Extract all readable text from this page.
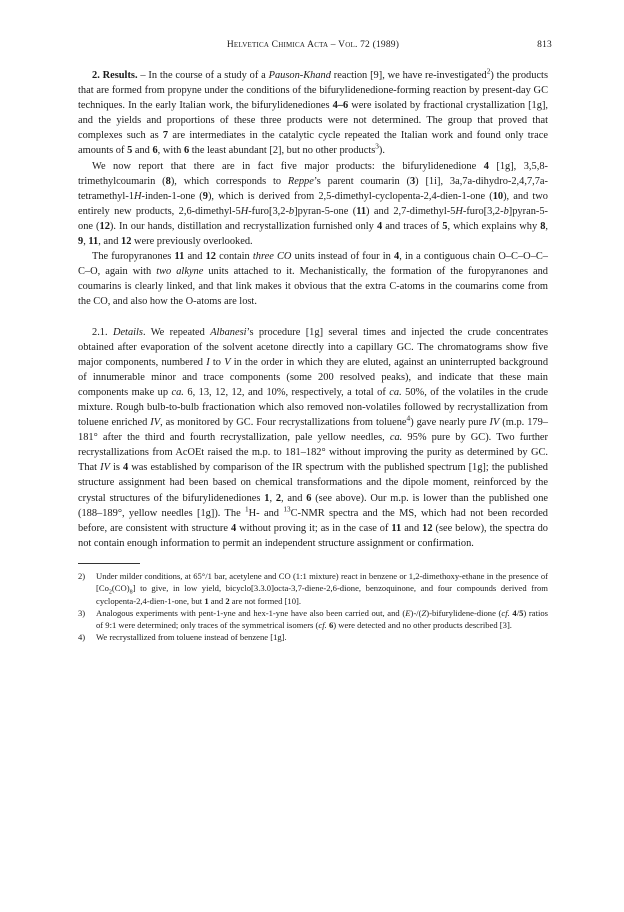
Helvetica Chimica Acta – Vol. 72 (1989)	813

2. Results. – In the course of a study of a Pauson-Khand reaction [9], we have re-investigated$^2$) the products that are formed from propyne under the conditions of the bifurylidenedione-forming reaction by present-day GC techniques. In the early Italian work, the bifurylidenediones 4–6 were isolated by fractional crystallization [1g], and the yields and proportions of these three products were not determined. The group that proved that complexes such as 7 are intermediates in the catalytic cycle repeated the Italian work and found only trace amounts of 5 and 6, with 6 the least abundant [2], but no other products$^3$).

We now report that there are in fact five major products: the bifurylidenedione 4 [1g], 3,5,8-trimethylcoumarin (8), which corresponds to Reppe’s parent coumarin (3) [1i], 3a,7a-dihydro-2,4,7,7a-tetramethyl-1H-inden-1-one (9), which is derived from 2,5-dimethyl-cyclopenta-2,4-dien-1-one (10), and two entirely new products, 2,6-dimethyl-5H-furo[3,2-b]pyran-5-one (11) and 2,7-dimethyl-5H-furo[3,2-b]pyran-5-one (12). In our hands, distillation and recrystallization furnished only 4 and traces of 5, which explains why 8, 9, 11, and 12 were previously overlooked.

The furopyranones 11 and 12 contain three CO units instead of four in 4, in a contiguous chain O–C–O–C–C–O, again with two alkyne units attached to it. Mechanistically, the formation of the furopyranones and coumarins is clearly linked, and that link makes it obvious that the extra C-atoms in the coumarins come from the CO, and also how the O-atoms are lost.

2.1. Details. We repeated Albanesi’s procedure [1g] several times and injected the crude concentrates obtained after evaporation of the solvent acetone directly into a capillary GC. The chromatograms show five major components, numbered I to V in the order in which they are eluted, against an uninterrupted background of innumerable minor and trace components (some 200 resolved peaks), and indicate that these main components make up ca. 6, 13, 12, 12, and 10%, respectively, a total of ca. 50%, of the volatiles in the crude mixture. Rough bulb-to-bulb fractionation which also removed non-volatiles followed by recrystallization from toluene enriched IV, as monitored by GC. Four recrystallizations from toluene$^4$) gave nearly pure IV (m.p. 179–181° after the third and fourth recrystallization, pale yellow needles, ca. 95% pure by GC). Two further recrystallizations from AcOEt raised the m.p. to 181–182° without improving the purity as determined by GC. That IV is 4 was established by comparison of the IR spectrum with the published spectrum [1g]; the published structure assignment had been based on chemical transformations and the dipole moment, reinforced by the crystal structures of the bifurylidenediones 1, 2, and 6 (see above). Our m.p. is lower than the published one (188–189°, yellow needles [1g]). The $^1$H- and $^{13}$C-NMR spectra and the MS, which had not been recorded before, are consistent with structure 4 without proving it; as in the case of 11 and 12 (see below), the spectra do not contain enough information to permit an independent structure assignment or confirmation.

2)	Under milder conditions, at 65°/1 bar, acetylene and CO (1:1 mixture) react in benzene or 1,2-dimethoxy-ethane in the presence of $[Co_2(CO)_8]$ to give, in low yield, bicyclo[3.3.0]octa-3,7-diene-2,6-dione, benzoquinone, and four compounds derived from cyclopenta-2,4-dien-1-one, but 1 and 2 are not formed [10].
3)	Analogous experiments with pent-1-yne and hex-1-yne have also been carried out, and (E)-/(Z)-bifurylidene-dione (cf. 4/5) ratios of 9:1 were determined; only traces of the symmetrical isomers (cf. 6) were detected and no other products described [3].
4)	We recrystallized from toluene instead of benzene [1g].
